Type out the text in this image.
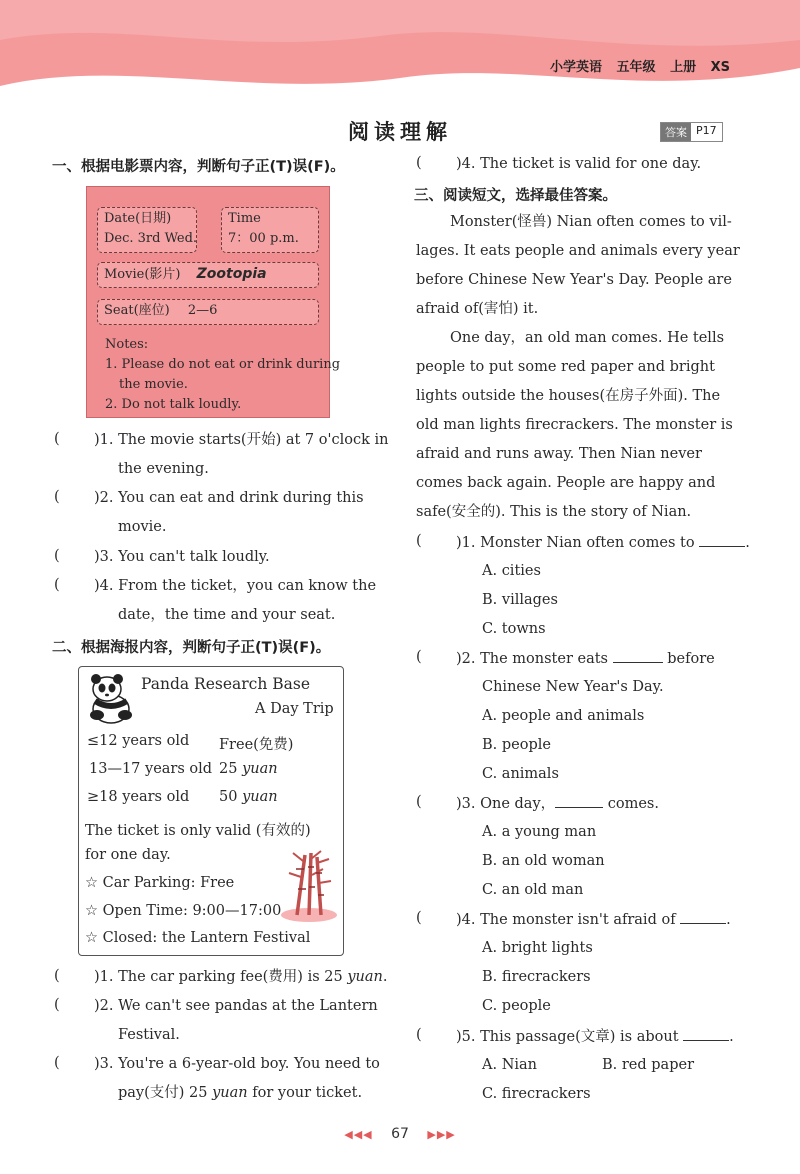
小学英语 五年级 上册 XS
阅读理解	答案 P17
一、根据电影票内容，判断句子正(T)误(F)。
Date(日期)
Dec. 3rd Wed.
Time
7：00 p.m.
Movie(影片) Zootopia
Seat(座位) 2—6
Notes:
1. Please do not eat or drink during
the movie.
2. Do not talk loudly.
( )1. The movie starts(开始) at 7 o'clock in
the evening.
( )2. You can eat and drink during this
movie.
( )3. You can't talk loudly.
( )4. From the ticket，you can know the
date，the time and your seat.
二、根据海报内容，判断句子正(T)误(F)。
Panda Research Base
A Day Trip
≤12 years old Free(免费)
13—17 years old 25 yuan
≥18 years old 50 yuan
The ticket is only valid (有效的)
for one day.
☆ Car Parking: Free
☆ Open Time: 9:00—17:00
☆ Closed: the Lantern Festival
( )1. The car parking fee(费用) is 25 yuan.
( )2. We can't see pandas at the Lantern
Festival.
( )3. You're a 6-year-old boy. You need to
pay(支付) 25 yuan for your ticket.
( )4. The ticket is valid for one day.
三、阅读短文，选择最佳答案。
Monster(怪兽) Nian often comes to vil-
lages. It eats people and animals every year
before Chinese New Year's Day. People are
afraid of(害怕) it.
One day，an old man comes. He tells
people to put some red paper and bright
lights outside the houses(在房子外面). The
old man lights firecrackers. The monster is
afraid and runs away. Then Nian never
comes back again. People are happy and
safe(安全的). This is the story of Nian.
( )1. Monster Nian often comes to	.
A. cities
B. villages
C. towns
( )2. The monster eats	before
Chinese New Year's Day.
A. people and animals
B. people
C. animals
( )3. One day，	comes.
A. a young man
B. an old woman
C. an old man
( )4. The monster isn't afraid of	.
A. bright lights
B. firecrackers
C. people
( )5. This passage(文章) is about	.
A. Nian	B. red paper
C. firecrackers
◀◀◀ 67 ▶▶▶
